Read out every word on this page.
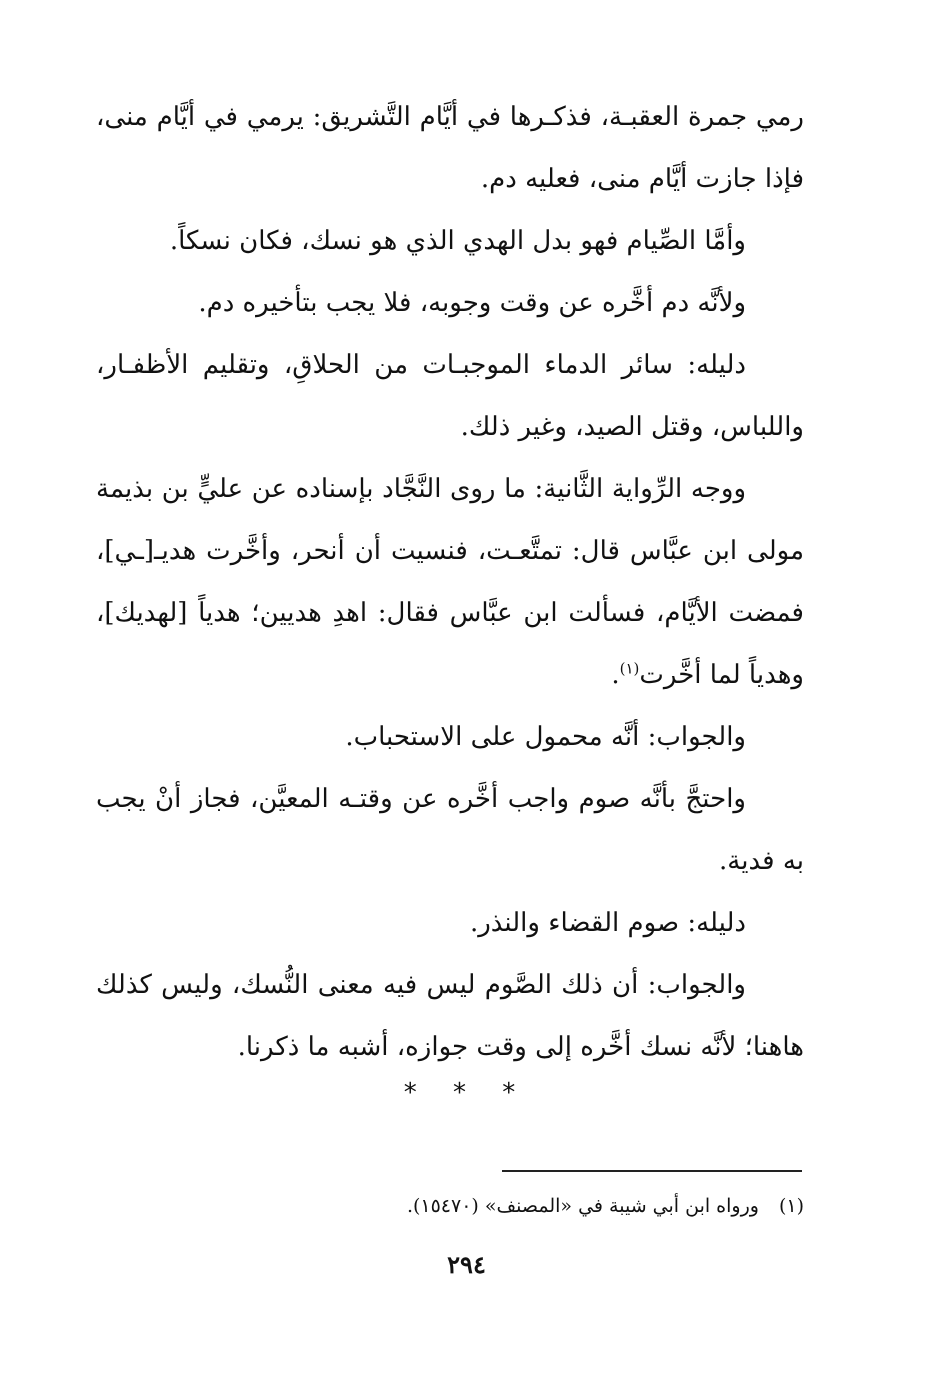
رمي جمرة العقبـة، فذكـرها في أيَّام التَّشريق: يرمي في أيَّام منى، فإذا جازت أيَّام منى، فعليه دم.

وأمَّا الصِّيام فهو بدل الهدي الذي هو نسك، فكان نسكاً.

ولأنَّه دم أخَّره عن وقت وجوبه، فلا يجب بتأخيره دم.

دليله: سائر الدماء الموجبـات من الحلاقِ، وتقليم الأظفـار، واللباس، وقتل الصيد، وغير ذلك.

ووجه الرِّواية الثَّانية: ما روى النَّجَّاد بإسناده عن عليٍّ بن بذيمة مولى ابن عبَّاس قال: تمتَّعـت، فنسيت أن أنحر، وأخَّرت هديـ[ـي]، فمضت الأيَّام، فسألت ابن عبَّاس فقال: اهدِ هديين؛ هدياً [لهديك]، وهدياً لما أخَّرت$^{(١)}$.

والجواب: أنَّه محمول على الاستحباب.

واحتجَّ بأنَّه صوم واجب أخَّره عن وقتـه المعيَّن، فجاز أنْ يجب به فدية.

دليله: صوم القضاء والنذر.

والجواب: أن ذلك الصَّوم ليس فيه معنى النُّسك، وليس كذلك هاهنا؛ لأنَّه نسك أخَّره إلى وقت جوازه، أشبه ما ذكرنا.

* * *
(١)ورواه ابن أبي شيبة في «المصنف» (١٥٤٧٠).
٢٩٤
